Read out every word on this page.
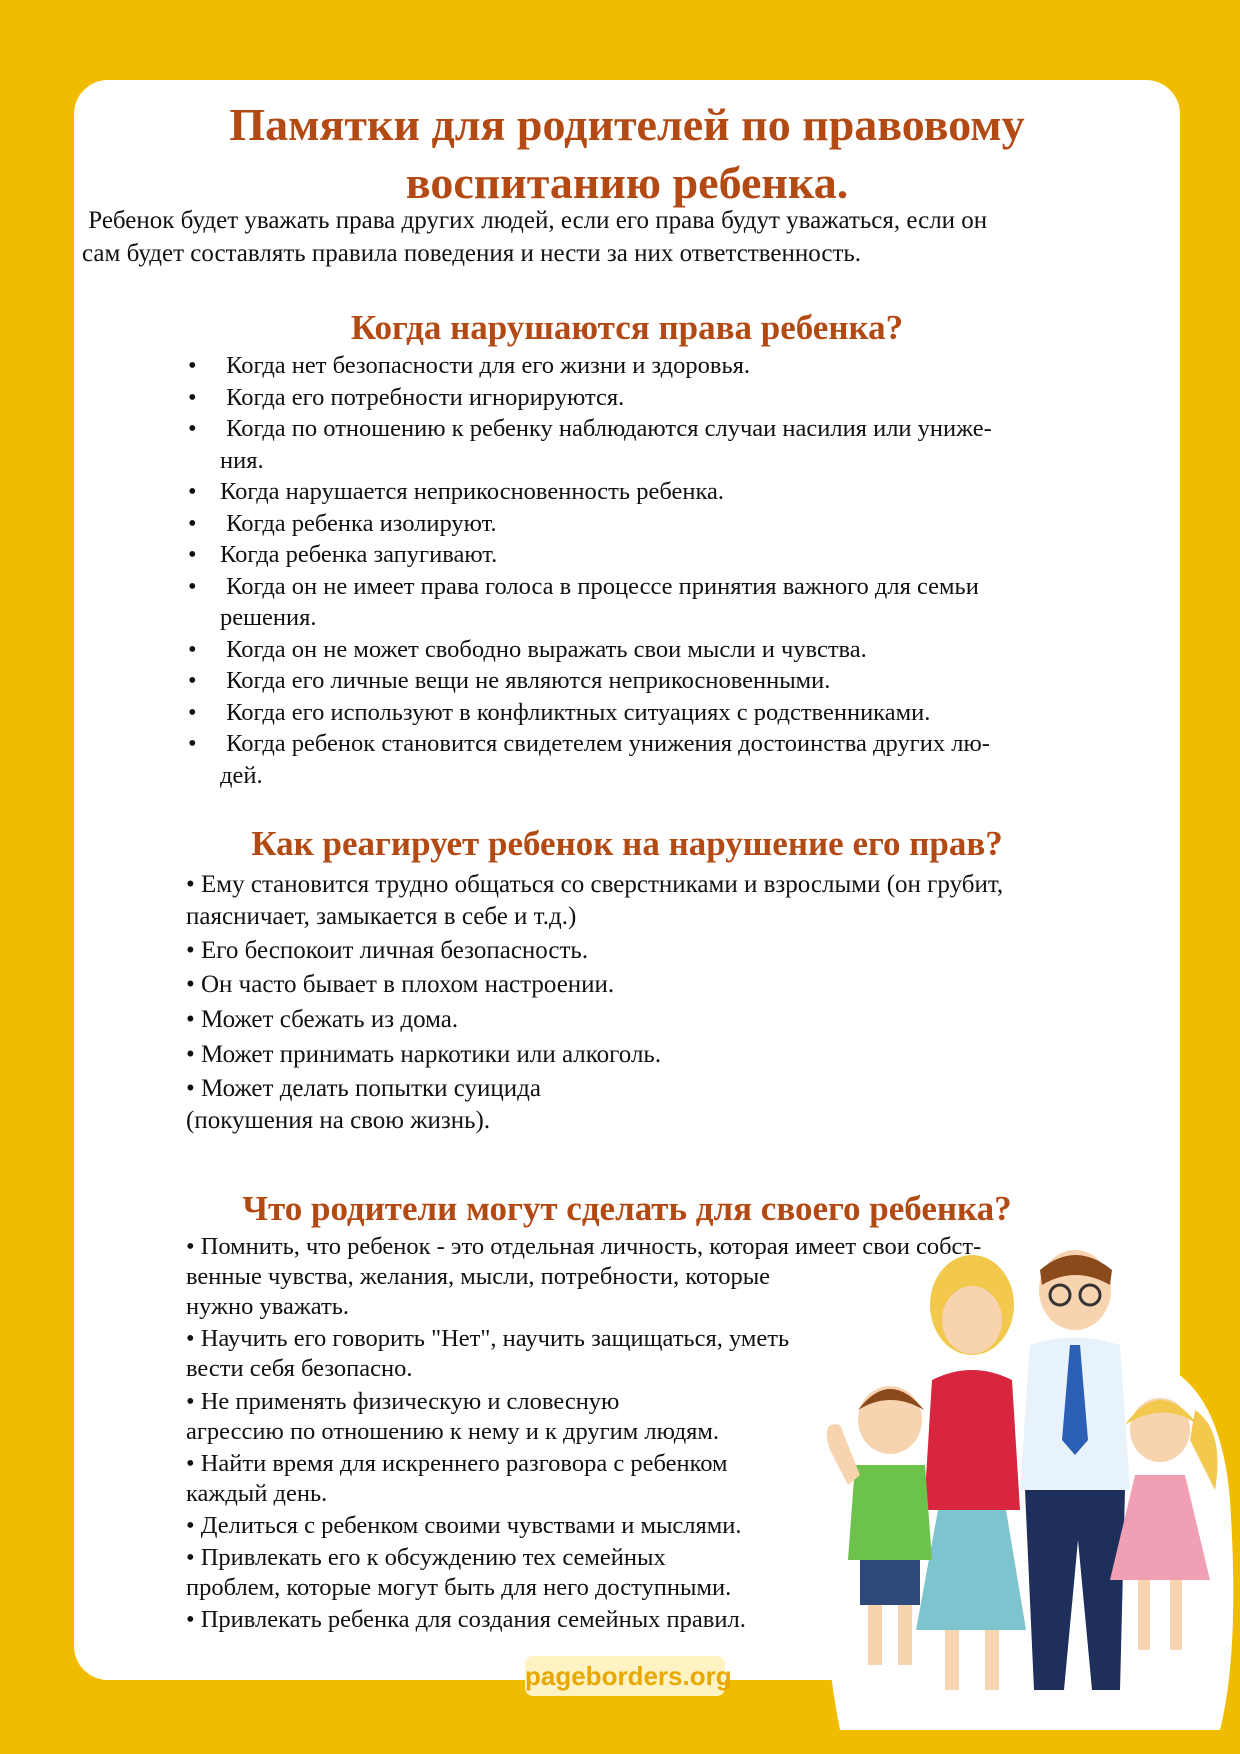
Памятки для родителей по правовому
воспитанию ребенка.
Ребенок будет уважать права других людей, если его права будут уважаться, если он
сам будет составлять правила поведения и нести за них ответственность.
Когда нарушаются права ребенка?
• Когда нет безопасности для его жизни и здоровья.
• Когда его потребности игнорируются.
• Когда по отношению к ребенку наблюдаются случаи насилия или униже-
ния.
• Когда нарушается неприкосновенность ребенка.
• Когда ребенка изолируют.
• Когда ребенка запугивают.
• Когда он не имеет права голоса в процессе принятия важного для семьи
решения.
• Когда он не может свободно выражать свои мысли и чувства.
• Когда его личные вещи не являются неприкосновенными.
• Когда его используют в конфликтных ситуациях с родственниками.
• Когда ребенок становится свидетелем унижения достоинства других лю-
дей.
Как реагирует ребенок на нарушение его прав?
• Ему становится трудно общаться со сверстниками и взрослыми (он грубит,
паясничает, замыкается в себе и т.д.)
• Его беспокоит личная безопасность.
• Он часто бывает в плохом настроении.
• Может сбежать из дома.
• Может принимать наркотики или алкоголь.
• Может делать попытки суицида
(покушения на свою жизнь).
Что родители могут сделать для своего ребенка?
• Помнить, что ребенок - это отдельная личность, которая имеет свои собст-
венные чувства, желания, мысли, потребности, которые
нужно уважать.
• Научить его говорить "Нет", научить защищаться, уметь
вести себя безопасно.
• Не применять физическую и словесную
агрессию по отношению к нему и к другим людям.
• Найти время для искреннего разговора с ребенком
каждый день.
• Делиться с ребенком своими чувствами и мыслями.
• Привлекать его к обсуждению тех семейных
проблем, которые могут быть для него доступными.
• Привлекать ребенка для создания семейных правил.
pageborders.org
